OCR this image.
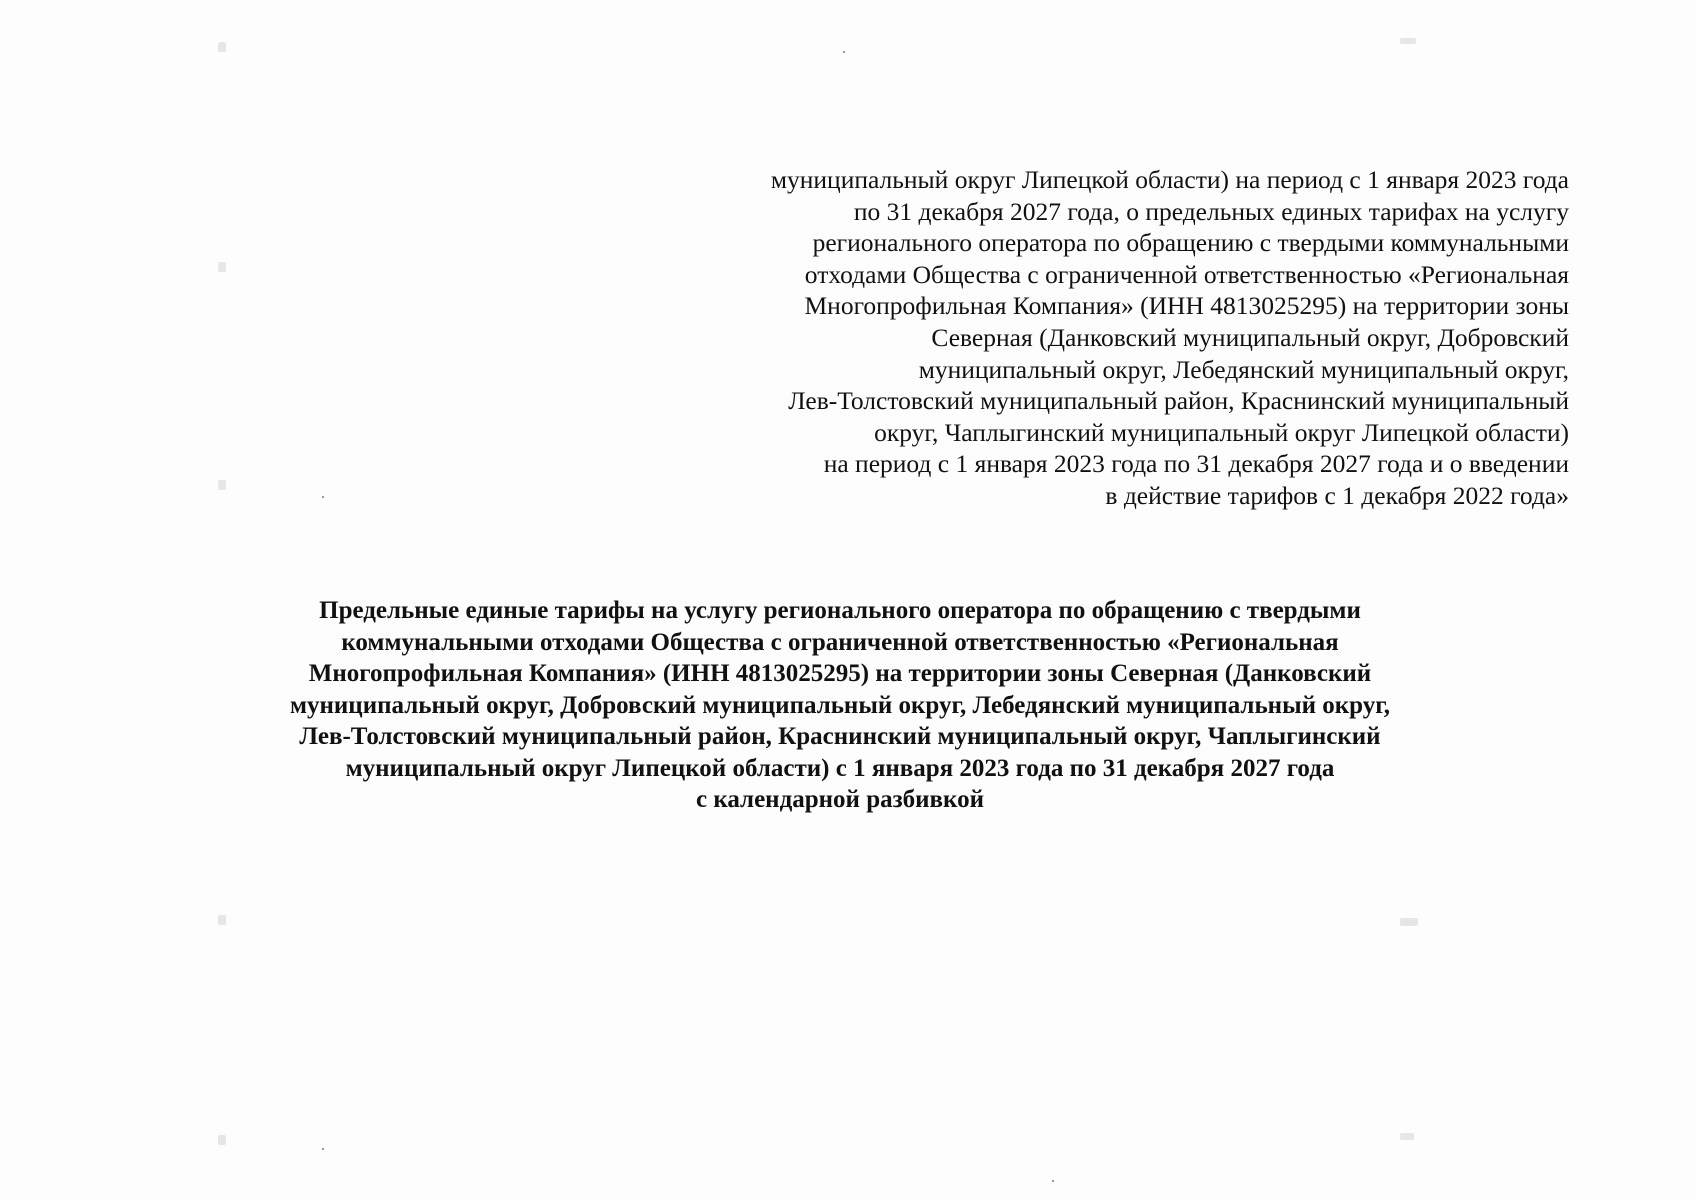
муниципальный округ Липецкой области) на период с 1 января 2023 года
по 31 декабря 2027 года, о предельных единых тарифах на услугу
регионального оператора по обращению с твердыми коммунальными
отходами Общества с ограниченной ответственностью «Региональная
Многопрофильная Компания» (ИНН 4813025295) на территории зоны
Северная (Данковский муниципальный округ, Добровский
муниципальный округ, Лебедянский муниципальный округ,
Лев-Толстовский муниципальный район, Краснинский муниципальный
округ, Чаплыгинский муниципальный округ Липецкой области)
на период с 1 января 2023 года по 31 декабря 2027 года и о введении
в действие тарифов с 1 декабря 2022 года»
Предельные единые тарифы на услугу регионального оператора по обращению с твердыми
коммунальными отходами Общества с ограниченной ответственностью «Региональная
Многопрофильная Компания» (ИНН 4813025295) на территории зоны Северная (Данковский
муниципальный округ, Добровский муниципальный округ, Лебедянский муниципальный округ,
Лев-Толстовский муниципальный район, Краснинский муниципальный округ, Чаплыгинский
муниципальный округ Липецкой области) с 1 января 2023 года по 31 декабря 2027 года
с календарной разбивкой
